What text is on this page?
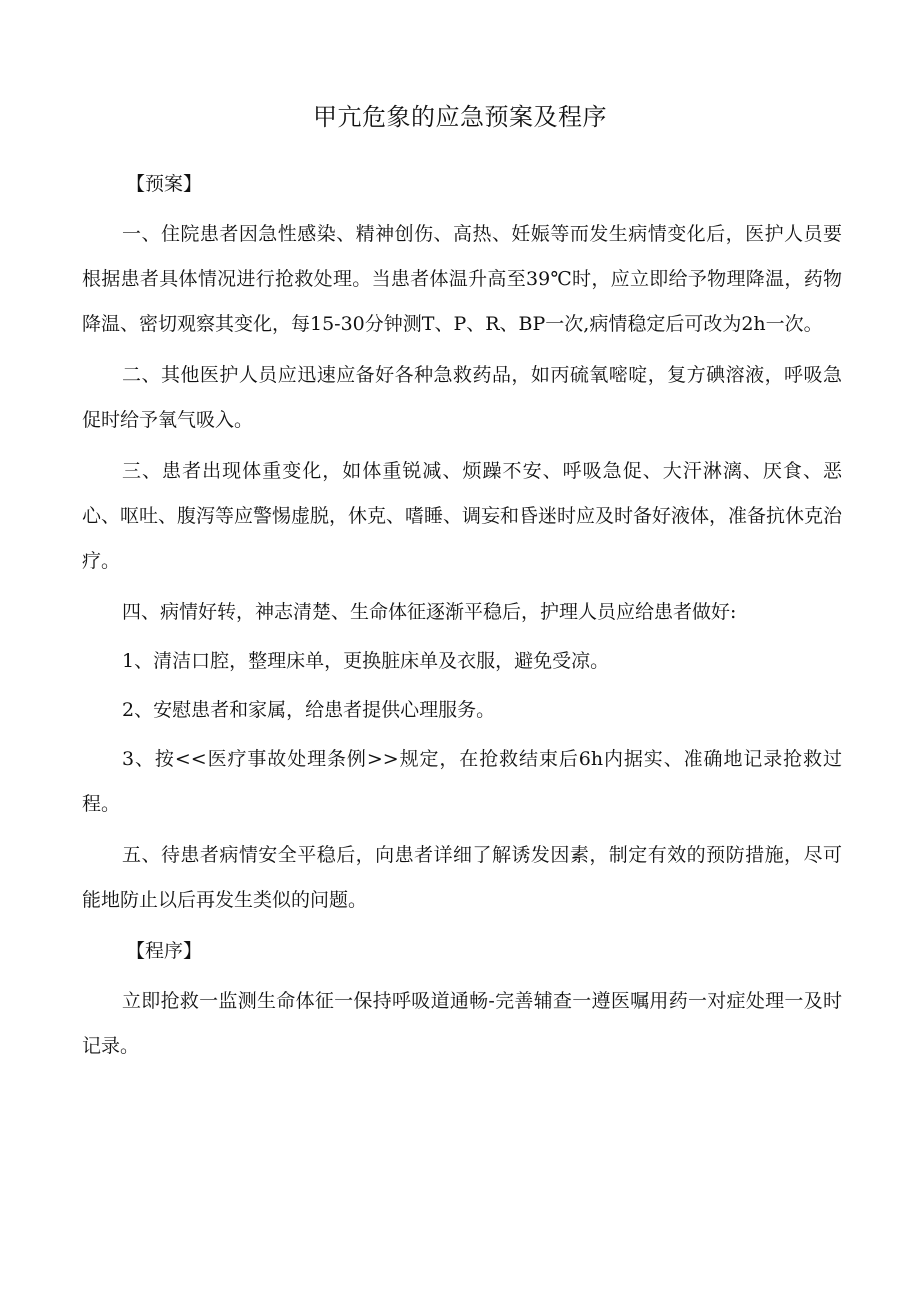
甲亢危象的应急预案及程序

【预案】

一、住院患者因急性感染、精神创伤、高热、妊娠等而发生病情变化后，医护人员要根据患者具体情况进行抢救处理。当患者体温升高至39℃时，应立即给予物理降温，药物降温、密切观察其变化，每15-30分钟测T、P、R、BP一次,病情稳定后可改为2h一次。

二、其他医护人员应迅速应备好各种急救药品，如丙硫氧嘧啶，复方碘溶液，呼吸急促时给予氧气吸入。

三、患者出现体重变化，如体重锐减、烦躁不安、呼吸急促、大汗淋漓、厌食、恶心、呕吐、腹泻等应警惕虚脱，休克、嗜睡、调妄和昏迷时应及时备好液体，准备抗休克治疗。

四、病情好转，神志清楚、生命体征逐渐平稳后，护理人员应给患者做好:

1、清洁口腔，整理床单，更换脏床单及衣服，避免受凉。

2、安慰患者和家属，给患者提供心理服务。

3、按<<医疗事故处理条例>>规定，在抢救结束后6h内据实、准确地记录抢救过程。

五、待患者病情安全平稳后，向患者详细了解诱发因素，制定有效的预防措施，尽可能地防止以后再发生类似的问题。

【程序】

立即抢救一监测生命体征一保持呼吸道通畅-完善辅查一遵医嘱用药一对症处理一及时记录。
